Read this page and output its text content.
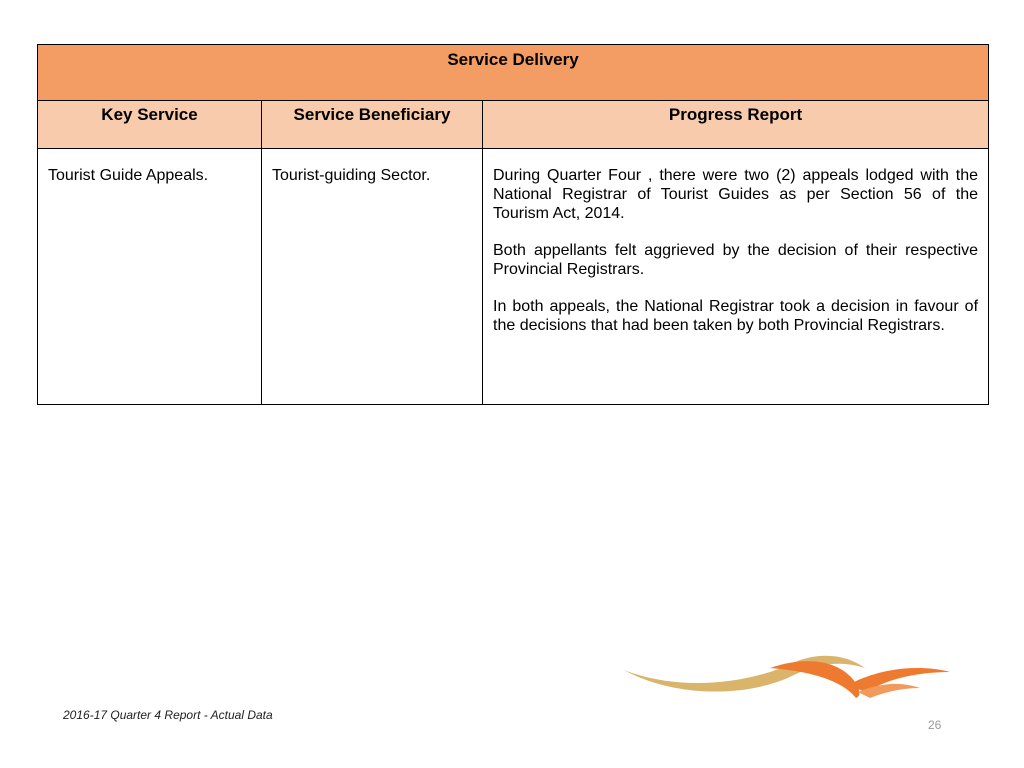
Service Delivery		
Key Service	Service Beneficiary	Progress Report
Tourist Guide Appeals.	Tourist-guiding Sector.	During Quarter Four , there were two (2) appeals lodged with the National Registrar of Tourist Guides as per Section 56 of the Tourism Act, 2014.

Both appellants felt aggrieved by the decision of their respective Provincial Registrars.

In both appeals, the National Registrar took a decision in favour of the decisions that had been taken by both Provincial Registrars.

2016-17 Quarter 4 Report - Actual Data
26
